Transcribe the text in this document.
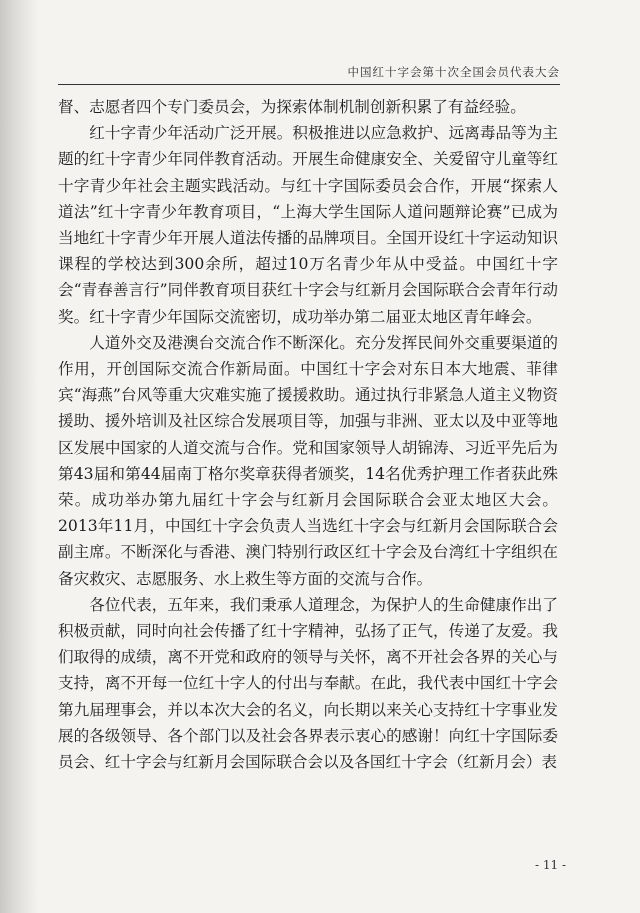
中国红十字会第十次全国会员代表大会

督、志愿者四个专门委员会，为探索体制机制创新积累了有益经验。

红十字青少年活动广泛开展。积极推进以应急救护、远离毒品等为主题的红十字青少年同伴教育活动。开展生命健康安全、关爱留守儿童等红十字青少年社会主题实践活动。与红十字国际委员会合作，开展“探索人道法”红十字青少年教育项目，“上海大学生国际人道问题辩论赛”已成为当地红十字青少年开展人道法传播的品牌项目。全国开设红十字运动知识课程的学校达到300余所，超过10万名青少年从中受益。中国红十字会“青春善言行”同伴教育项目获红十字会与红新月会国际联合会青年行动奖。红十字青少年国际交流密切，成功举办第二届亚太地区青年峰会。

人道外交及港澳台交流合作不断深化。充分发挥民间外交重要渠道的作用，开创国际交流合作新局面。中国红十字会对东日本大地震、菲律宾“海燕”台风等重大灾难实施了援援救助。通过执行非紧急人道主义物资援助、援外培训及社区综合发展项目等，加强与非洲、亚太以及中亚等地区发展中国家的人道交流与合作。党和国家领导人胡锦涛、习近平先后为第43届和第44届南丁格尔奖章获得者颁奖，14名优秀护理工作者获此殊荣。成功举办第九届红十字会与红新月会国际联合会亚太地区大会。2013年11月，中国红十字会负责人当选红十字会与红新月会国际联合会副主席。不断深化与香港、澳门特别行政区红十字会及台湾红十字组织在备灾救灾、志愿服务、水上救生等方面的交流与合作。

各位代表，五年来，我们秉承人道理念，为保护人的生命健康作出了积极贡献，同时向社会传播了红十字精神，弘扬了正气，传递了友爱。我们取得的成绩，离不开党和政府的领导与关怀，离不开社会各界的关心与支持，离不开每一位红十字人的付出与奉献。在此，我代表中国红十字会第九届理事会，并以本次大会的名义，向长期以来关心支持红十字事业发展的各级领导、各个部门以及社会各界表示衷心的感谢！向红十字国际委员会、红十字会与红新月会国际联合会以及各国红十字会（红新月会）表

- 11 -
